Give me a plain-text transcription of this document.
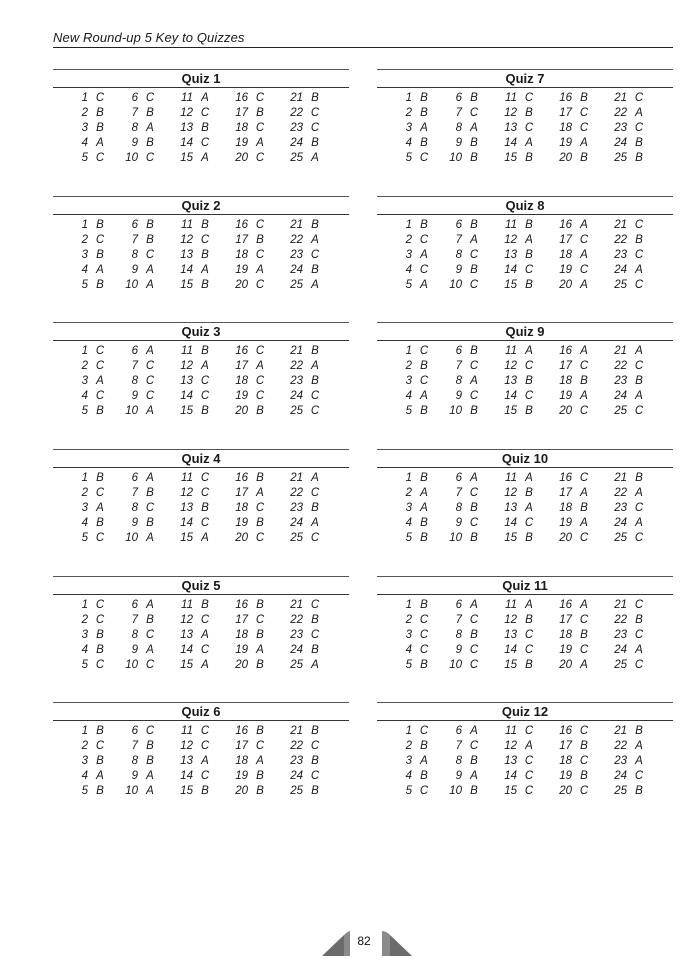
New Round-up 5 Key to Quizzes
Quiz 1
1 C	6 C	11 A	16 C	21 B
2 B	7 B	12 C	17 B	22 C
3 B	8 A	13 B	18 C	23 C
4 A	9 B	14 C	19 A	24 B
5 C	10 C	15 A	20 C	25 A
Quiz 7
1 B	6 B	11 C	16 B	21 C
2 B	7 C	12 B	17 C	22 A
3 A	8 A	13 C	18 C	23 C
4 B	9 B	14 A	19 A	24 B
5 C	10 B	15 B	20 B	25 B
Quiz 2
1 B	6 B	11 B	16 C	21 B
2 C	7 B	12 C	17 B	22 A
3 B	8 C	13 B	18 C	23 C
4 A	9 A	14 A	19 A	24 B
5 B	10 A	15 B	20 C	25 A
Quiz 8
1 B	6 B	11 B	16 A	21 C
2 C	7 A	12 A	17 C	22 B
3 A	8 C	13 B	18 A	23 C
4 C	9 B	14 C	19 C	24 A
5 A	10 C	15 B	20 A	25 C
Quiz 3
1 C	6 A	11 B	16 C	21 B
2 C	7 C	12 A	17 A	22 A
3 A	8 C	13 C	18 C	23 B
4 C	9 C	14 C	19 C	24 C
5 B	10 A	15 B	20 B	25 C
Quiz 9
1 C	6 B	11 A	16 A	21 A
2 B	7 C	12 C	17 C	22 C
3 C	8 A	13 B	18 B	23 B
4 A	9 C	14 C	19 A	24 A
5 B	10 B	15 B	20 C	25 C
Quiz 4
1 B	6 A	11 C	16 B	21 A
2 C	7 B	12 C	17 A	22 C
3 A	8 C	13 B	18 C	23 B
4 B	9 B	14 C	19 B	24 A
5 C	10 A	15 A	20 C	25 C
Quiz 10
1 B	6 A	11 A	16 C	21 B
2 A	7 C	12 B	17 A	22 A
3 A	8 B	13 A	18 B	23 C
4 B	9 C	14 C	19 A	24 A
5 B	10 B	15 B	20 C	25 C
Quiz 5
1 C	6 A	11 B	16 B	21 C
2 C	7 B	12 C	17 C	22 B
3 B	8 C	13 A	18 B	23 C
4 B	9 A	14 C	19 A	24 B
5 C	10 C	15 A	20 B	25 A
Quiz 11
1 B	6 A	11 A	16 A	21 C
2 C	7 C	12 B	17 C	22 B
3 C	8 B	13 C	18 B	23 C
4 C	9 C	14 C	19 C	24 A
5 B	10 C	15 B	20 A	25 C
Quiz 6
1 B	6 C	11 C	16 B	21 B
2 C	7 B	12 C	17 C	22 C
3 B	8 B	13 A	18 A	23 B
4 A	9 A	14 C	19 B	24 C
5 B	10 A	15 B	20 B	25 B
Quiz 12
1 C	6 A	11 C	16 C	21 B
2 B	7 C	12 A	17 B	22 A
3 A	8 B	13 C	18 C	23 A
4 B	9 A	14 C	19 B	24 C
5 C	10 B	15 C	20 C	25 B
82
